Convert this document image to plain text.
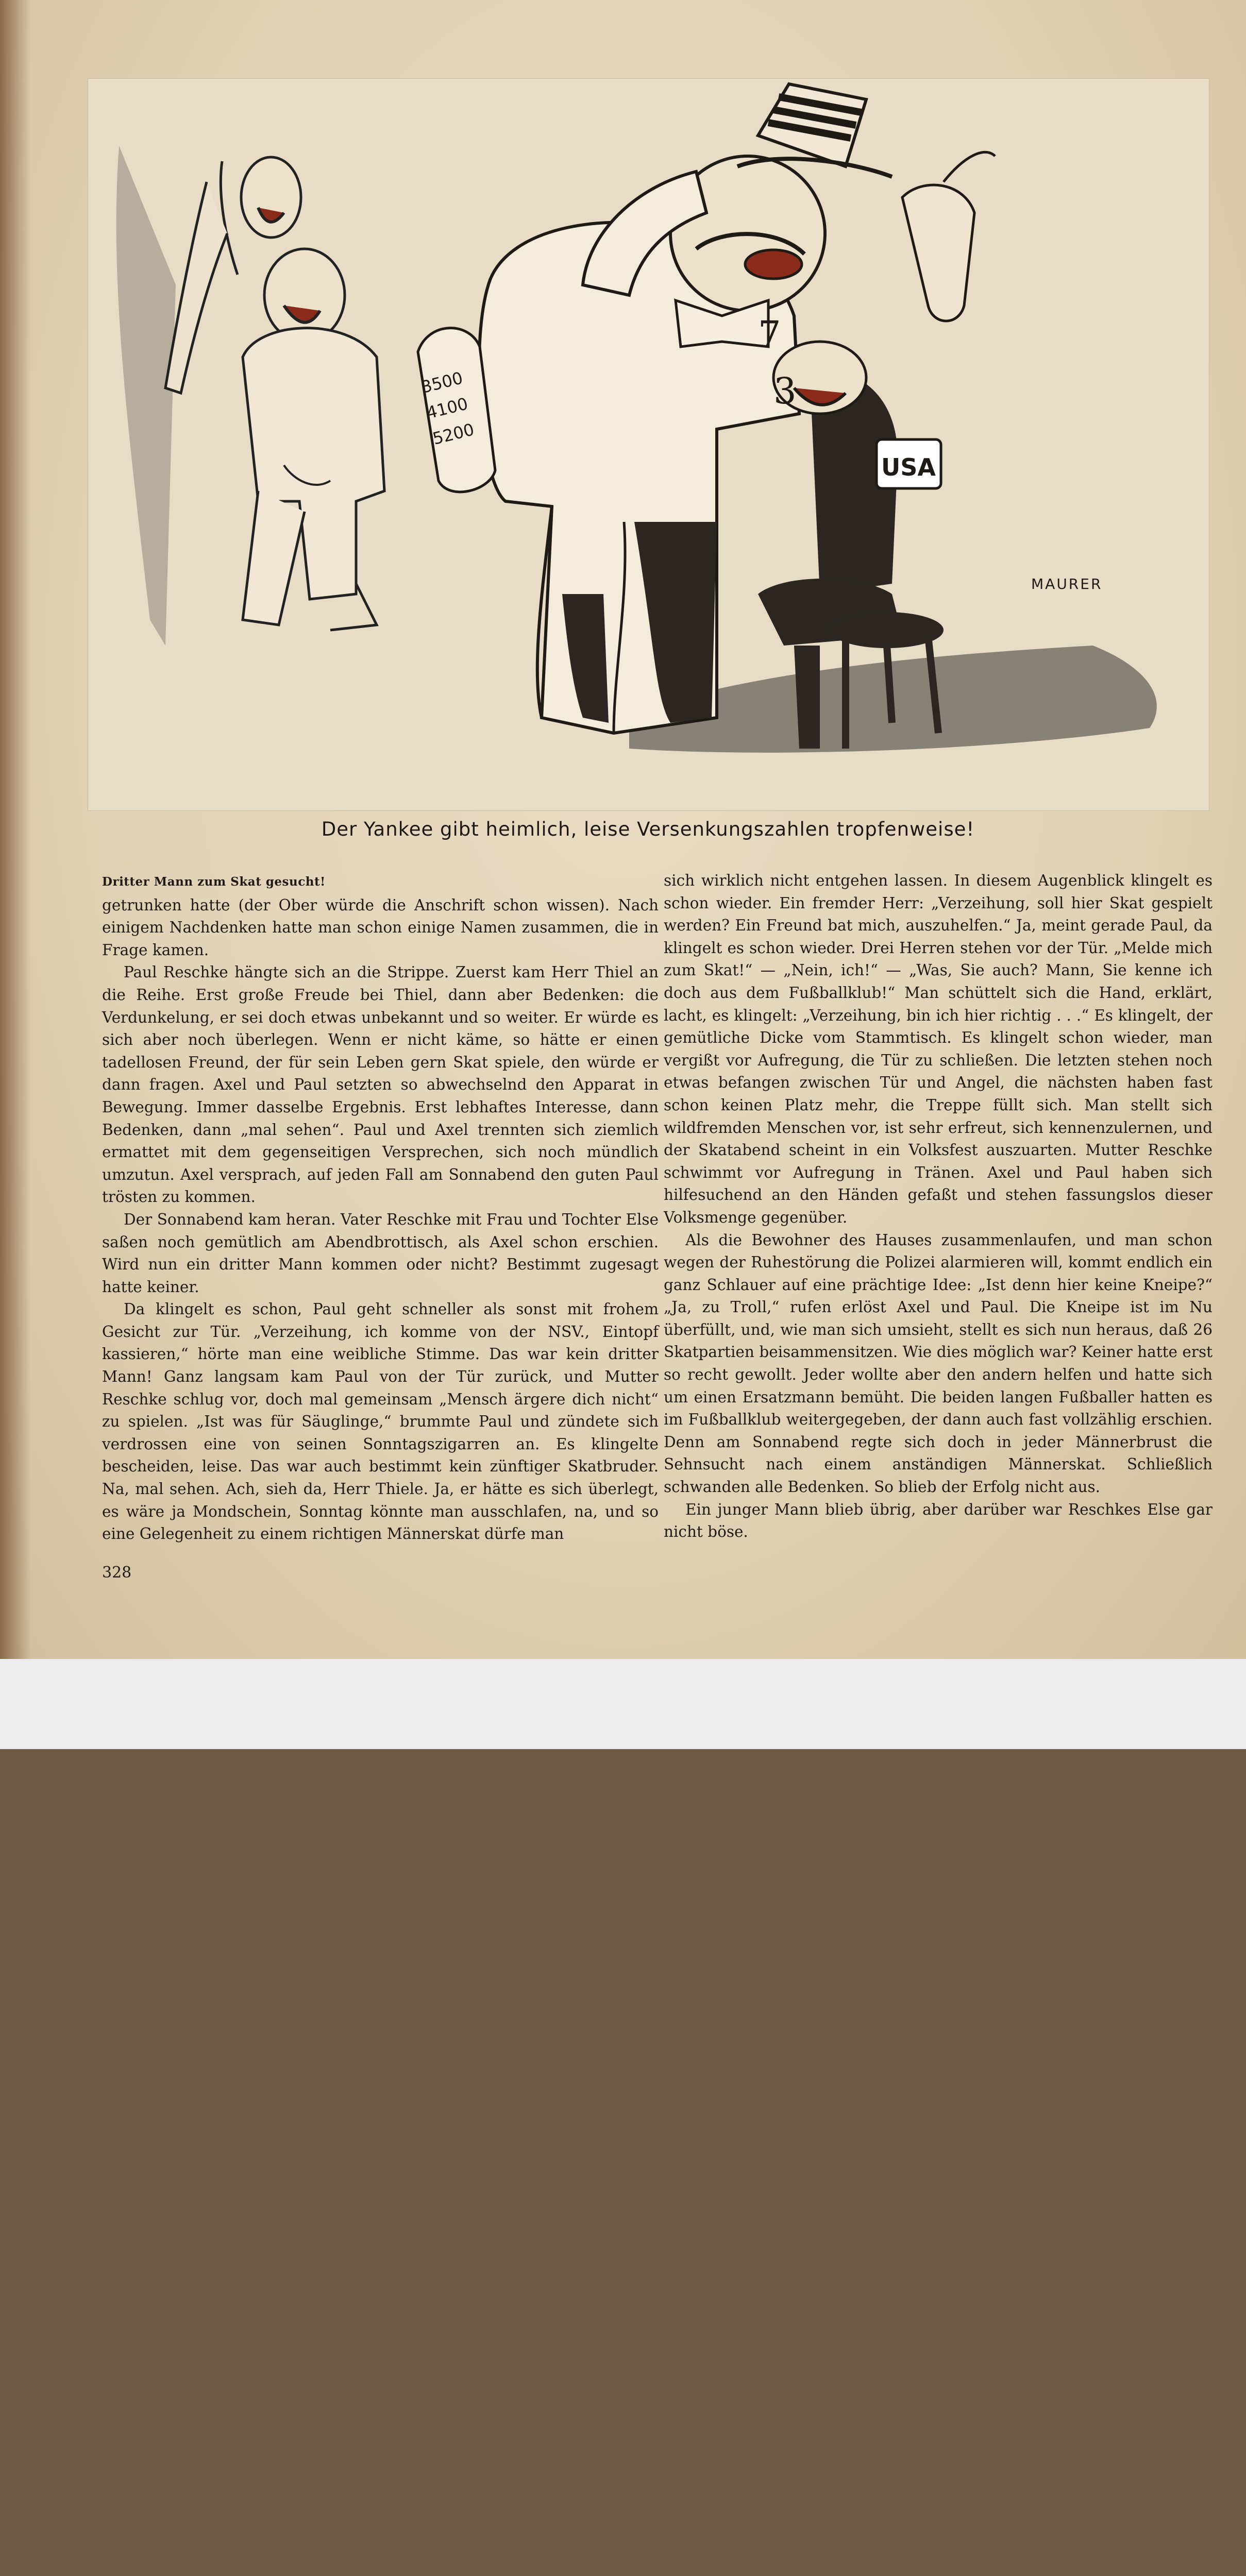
USA
7
3
3500
4100
5200
MAURER
Der Yankee gibt heimlich, leise Versenkungszahlen tropfenweise!

Dritter Mann zum Skat gesucht!

getrunken hatte (der Ober würde die Anschrift schon wissen). Nach einigem Nachdenken hatte man schon einige Namen zusammen, die in Frage kamen.

Paul Reschke hängte sich an die Strippe. Zuerst kam Herr Thiel an die Reihe. Erst große Freude bei Thiel, dann aber Bedenken: die Verdunkelung, er sei doch etwas unbekannt und so weiter. Er würde es sich aber noch überlegen. Wenn er nicht käme, so hätte er einen tadellosen Freund, der für sein Leben gern Skat spiele, den würde er dann fragen. Axel und Paul setzten so abwechselnd den Apparat in Bewegung. Immer dasselbe Ergebnis. Erst lebhaftes Interesse, dann Bedenken, dann „mal sehen“. Paul und Axel trennten sich ziemlich ermattet mit dem gegenseitigen Versprechen, sich noch mündlich umzutun. Axel versprach, auf jeden Fall am Sonnabend den guten Paul trösten zu kommen.

Der Sonnabend kam heran. Vater Reschke mit Frau und Tochter Else saßen noch gemütlich am Abendbrottisch, als Axel schon erschien. Wird nun ein dritter Mann kommen oder nicht? Bestimmt zugesagt hatte keiner.

Da klingelt es schon, Paul geht schneller als sonst mit frohem Gesicht zur Tür. „Verzeihung, ich komme von der NSV., Eintopf kassieren,“ hörte man eine weibliche Stimme. Das war kein dritter Mann! Ganz langsam kam Paul von der Tür zurück, und Mutter Reschke schlug vor, doch mal gemeinsam „Mensch ärgere dich nicht“ zu spielen. „Ist was für Säuglinge,“ brummte Paul und zündete sich verdrossen eine von seinen Sonntagszigarren an. Es klingelte bescheiden, leise. Das war auch bestimmt kein zünftiger Skatbruder. Na, mal sehen. Ach, sieh da, Herr Thiele. Ja, er hätte es sich überlegt, es wäre ja Mondschein, Sonntag könnte man ausschlafen, na, und so eine Gelegenheit zu einem richtigen Männerskat dürfe man

sich wirklich nicht entgehen lassen. In diesem Augenblick klingelt es schon wieder. Ein fremder Herr: „Verzeihung, soll hier Skat gespielt werden? Ein Freund bat mich, auszuhelfen.“ Ja, meint gerade Paul, da klingelt es schon wieder. Drei Herren stehen vor der Tür. „Melde mich zum Skat!“ — „Nein, ich!“ — „Was, Sie auch? Mann, Sie kenne ich doch aus dem Fußballklub!“ Man schüttelt sich die Hand, erklärt, lacht, es klingelt: „Verzeihung, bin ich hier richtig . . .“ Es klingelt, der gemütliche Dicke vom Stammtisch. Es klingelt schon wieder, man vergißt vor Aufregung, die Tür zu schließen. Die letzten stehen noch etwas befangen zwischen Tür und Angel, die nächsten haben fast schon keinen Platz mehr, die Treppe füllt sich. Man stellt sich wildfremden Menschen vor, ist sehr erfreut, sich kennenzulernen, und der Skatabend scheint in ein Volksfest auszuarten. Mutter Reschke schwimmt vor Aufregung in Tränen. Axel und Paul haben sich hilfesuchend an den Händen gefaßt und stehen fassungslos dieser Volksmenge gegenüber.

Als die Bewohner des Hauses zusammenlaufen, und man schon wegen der Ruhestörung die Polizei alarmieren will, kommt endlich ein ganz Schlauer auf eine prächtige Idee: „Ist denn hier keine Kneipe?“ „Ja, zu Troll,“ rufen erlöst Axel und Paul. Die Kneipe ist im Nu überfüllt, und, wie man sich umsieht, stellt es sich nun heraus, daß 26 Skatpartien beisammensitzen. Wie dies möglich war? Keiner hatte erst so recht gewollt. Jeder wollte aber den andern helfen und hatte sich um einen Ersatzmann bemüht. Die beiden langen Fußballer hatten es im Fußballklub weitergegeben, der dann auch fast vollzählig erschien. Denn am Sonnabend regte sich doch in jeder Männerbrust die Sehnsucht nach einem anständigen Männerskat. Schließlich schwanden alle Bedenken. So blieb der Erfolg nicht aus.

Ein junger Mann blieb übrig, aber darüber war Reschkes Else gar nicht böse.

328
